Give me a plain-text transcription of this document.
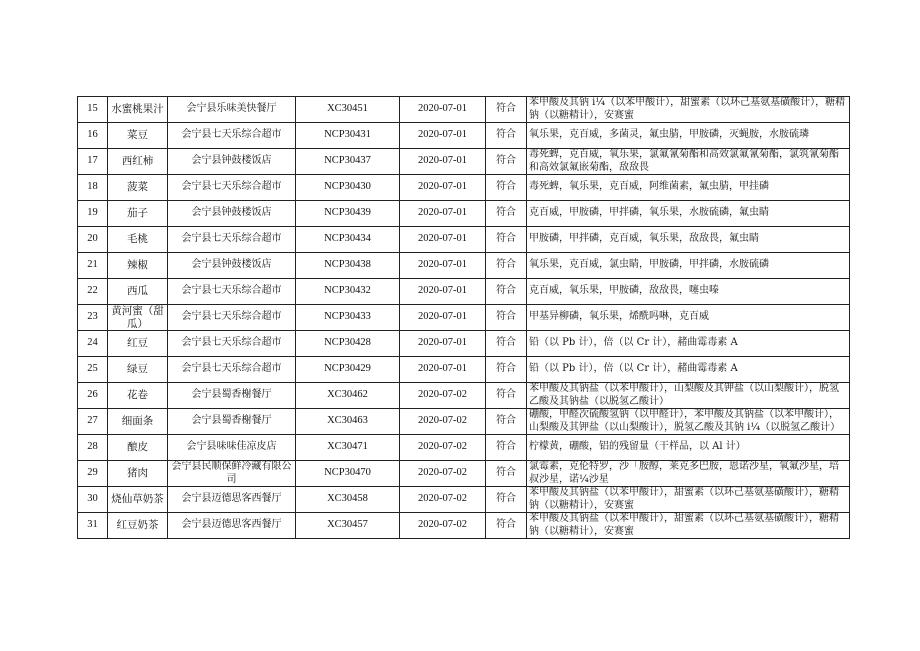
15	水蜜桃果汁	会宁县乐味美快餐厅	XC30451	2020-07-01	符合	苯甲酸及其钠 i¼（以苯甲酸计），甜蜜素（以环己基氨基磺酸计），糖精钠（以糖精计），安赛蜜
16	菜豆	会宁县七天乐综合超市	NCP30431	2020-07-01	符合	氧乐果，克百威，多菌灵，氟虫腈，甲胺磷，灭蝇胺，水胺硫璘
17	西红柿	会宁县钟鼓楼饭店	NCP30437	2020-07-01	符合	毒死蜱，克百威，氧乐果，氯氟氰菊酯和高效氯氟氰菊酯，氯筑氰菊酯和高效氯氟嵌菊酯，敌敌畏
18	菠菜	会宁县七天乐综合超市	NCP30430	2020-07-01	符合	毒死蜱，氧乐果，克百威，阿维菌素，氟虫腈，甲挂磷
19	茄子	会宁县钟鼓楼饭店	NCP30439	2020-07-01	符合	克百威，甲胺磷，甲拌磷，氧乐果，水胺硫磷，氟虫睛
20	毛桃	会宁县七天乐综合超市	NCP30434	2020-07-01	符合	甲胺磷，甲拌磷，克百威，氧乐果，敌敌畏，氟虫睛
21	辣椒	会宁县钟鼓楼饭店	NCP30438	2020-07-01	符合	氧乐果，克百威，氯虫睛，甲胺磷，甲拌磷，水胺硫磷
22	西瓜	会宁县七天乐综合超市	NCP30432	2020-07-01	符合	克百威，氧乐果，甲胺磷，敌敌畏，噻虫嗪
23	黄河蜜（甜瓜）	会宁县七天乐综合超市	NCP30433	2020-07-01	符合	甲基异柳磷，氧乐果，烯酰吗啉，克百威
24	红豆	会宁县七天乐综合超市	NCP30428	2020-07-01	符合	铅（以 Pb 计），倍（以 Cr 计），赭曲霉毒素 A
25	绿豆	会宁县七天乐综合超市	NCP30429	2020-07-01	符合	铅（以 Pb 计），倍（以 Cr 计），赭曲霉毒素 A
26	花卷	会宁县蜀香榭餐厅	XC30462	2020-07-02	符合	苯甲酸及其钠盐（以苯甲酸计），山梨酸及其钾盐（以山梨酸计），脱氢乙酸及其钠盐（以脱氢乙酸计）
27	细面条	会宁县蜀香榭餐厅	XC30463	2020-07-02	符合	硼酸，甲醛次硫酸氢钠（以甲醛计），苯甲酸及其钠盐（以苯甲酸计），山梨酸及其钾盐（以山梨酸计），脱氢乙酸及其钠 i¼（以脱氢乙酸计）
28	酿皮	会宁县味味佳凉皮店	XC30471	2020-07-02	符合	柠檬黄，硼酸，铝的残留量（干样品，以 Al 计）
29	猪肉	会宁县民顺保鲜冷藏有限公司	NCP30470	2020-07-02	符合	氯霉素，克伦特罗，沙「胺醇，莱克多巴胺，恩诺沙星，氧氟沙星，培叔沙星，诺¼沙星
30	烧仙草奶茶	会宁县迈德思客西餐厅	XC30458	2020-07-02	符合	苯甲酸及其钠盐（以苯甲酸计），甜蜜素（以环己基氨基磺酸计），糖精钠（以糖精计），安赛蜜
31	红豆奶茶	会宁县迈德思客西餐厅	XC30457	2020-07-02	符合	苯甲酸及其钠盐（以苯甲酸计），甜蜜素（以环己基氨基磺酸计），糖精钠（以糖精计），安赛蜜
